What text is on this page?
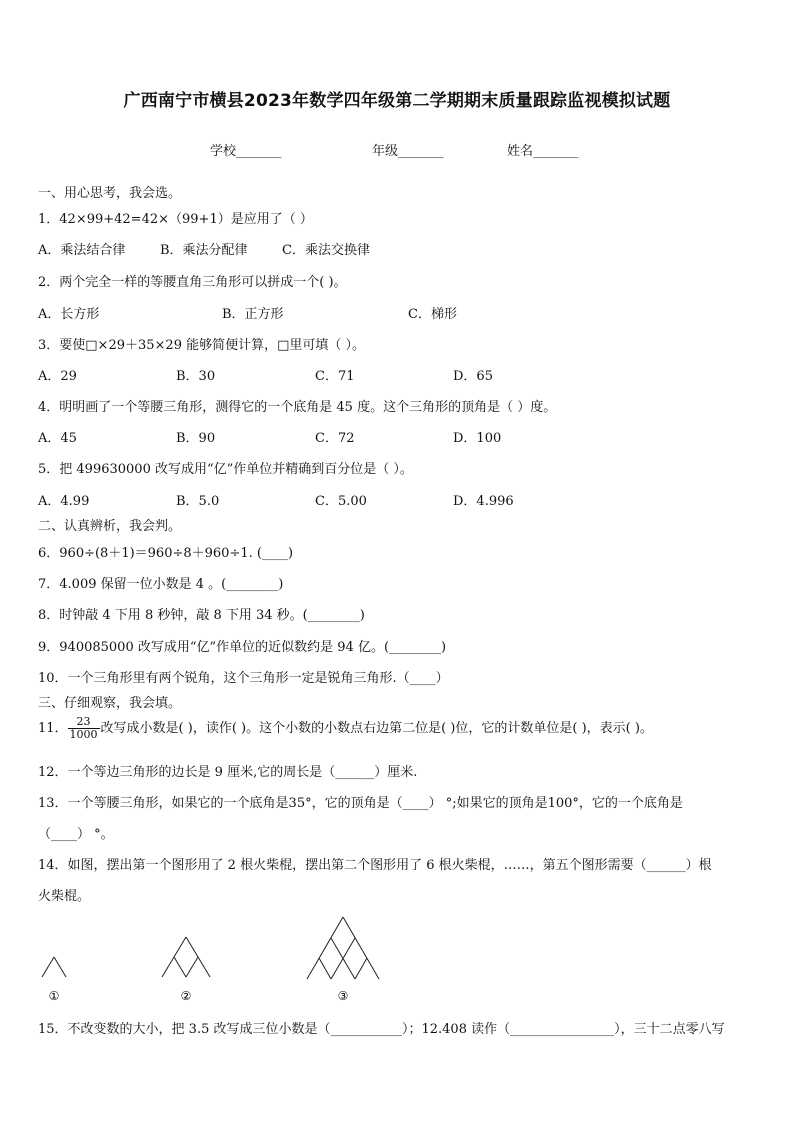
广西南宁市横县2023年数学四年级第二学期期末质量跟踪监视模拟试题
学校_______	年级_______	姓名_______
一、用心思考，我会选。
1．42×99+42=42×（99+1）是应用了（ ）
A．乘法结合律	B．乘法分配律	C．乘法交换律
2．两个完全一样的等腰直角三角形可以拼成一个( )。
A．长方形	B．正方形	C．梯形
3．要使□×29＋35×29 能够简便计算，□里可填（ ）。
A．29	B．30	C．71	D．65
4．明明画了一个等腰三角形，测得它的一个底角是 45 度。这个三角形的顶角是（ ）度。
A．45	B．90	C．72	D．100
5．把 499630000 改写成用“亿”作单位并精确到百分位是（ ）。
A．4.99	B．5.0	C．5.00	D．4.996
二、认真辨析，我会判。
6．960÷(8＋1)＝960÷8＋960÷1. (____)
7．4.009 保留一位小数是 4 。(________)
8．时钟敲 4 下用 8 秒钟，敲 8 下用 34 秒。(________)
9．940085000 改写成用“亿”作单位的近似数约是 94 亿。(________)
10．一个三角形里有两个锐角，这个三角形一定是锐角三角形.（____）
三、仔细观察，我会填。
11． $\frac{23}{1000}$ 改写成小数是( )，读作( )。这个小数的小数点右边第二位是( )位，它的计数单位是( )，表示( )。
12．一个等边三角形的边长是 9 厘米,它的周长是（______）厘米.
13．一个等腰三角形，如果它的一个底角是35°，它的顶角是（____） °;如果它的顶角是100°，它的一个底角是
（____） °。
14．如图，摆出第一个图形用了 2 根火柴棍，摆出第二个图形用了 6 根火柴棍，……，第五个图形需要（______）根
火柴棍。
①	②	③
15．不改变数的大小，把 3.5 改写成三位小数是（___________）；12.408 读作（________________），三十二点零八写
